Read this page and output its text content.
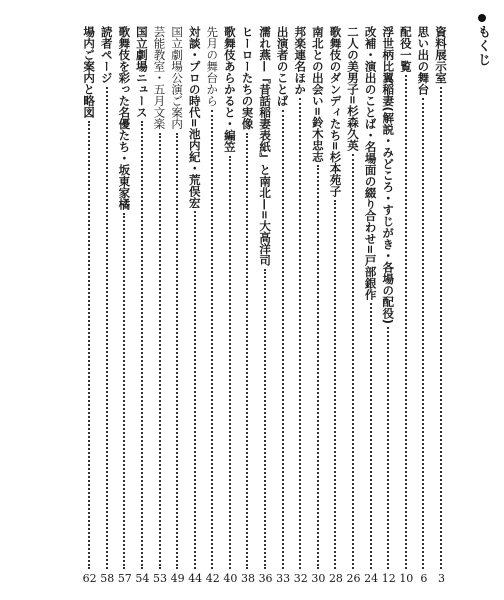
もくじ
資料展示室
3
思い出の舞台
6
配役一覧
10
浮世柄比翼稲妻(解説・みどころ・すじがき・各場の配役)
12
改補・演出のことば・名場面の綴り合わせ=戸部銀作
24
二人の美男子=杉森久英
26
歌舞伎のダンディたち=杉本苑子
28
南北との出会い=鈴木忠志
30
邦楽連名ほか
32
出演者のことば
33
濡れ燕—『昔話稲妻表紙』と南北—=大高洋司
36
ヒーローたちの実像
38
歌舞伎あらかると・編笠
40
先月の舞台から
42
対談・プロの時代=池内紀・荒俣宏
44
国立劇場公演ご案内
49
芸能教室・五月文楽
53
国立劇場ニュース
54
歌舞伎を彩った名優たち・坂東家橘
57
読者ページ
58
場内ご案内と略図
62
